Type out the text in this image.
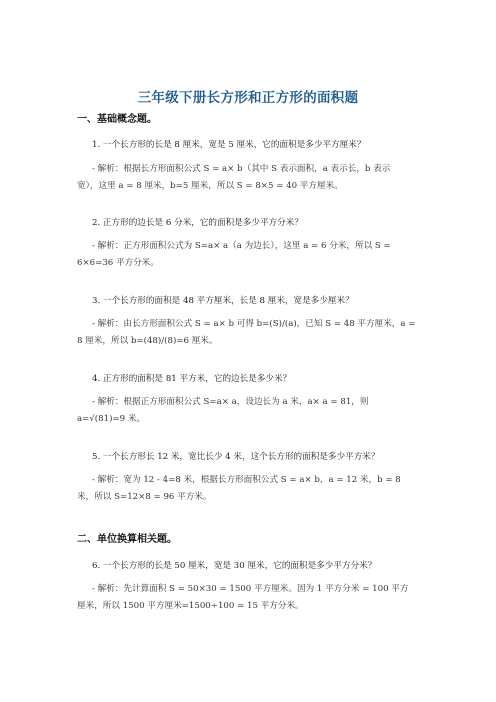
三年级下册长方形和正方形的面积题
一、基础概念题。
1. 一个长方形的长是 8 厘米，宽是 5 厘米，它的面积是多少平方厘米？
- 解析：根据长方形面积公式 S = a× b（其中 S 表示面积，a 表示长，b 表示
宽），这里 a = 8 厘米，b=5 厘米，所以 S = 8×5 = 40 平方厘米。
2. 正方形的边长是 6 分米，它的面积是多少平方分米？
- 解析：正方形面积公式为 S=a× a（a 为边长），这里 a = 6 分米，所以 S =
6×6=36 平方分米。
3. 一个长方形的面积是 48 平方厘米，长是 8 厘米，宽是多少厘米？
- 解析：由长方形面积公式 S = a× b 可得 b=(S)/(a)，已知 S = 48 平方厘米，a =
8 厘米，所以 b=(48)/(8)=6 厘米。
4. 正方形的面积是 81 平方米，它的边长是多少米？
- 解析：根据正方形面积公式 S=a× a，设边长为 a 米，a× a = 81，则
a=√(81)=9 米。
5. 一个长方形长 12 米，宽比长少 4 米，这个长方形的面积是多少平方米？
- 解析：宽为 12 - 4=8 米，根据长方形面积公式 S = a× b，a = 12 米，b = 8
米，所以 S=12×8 = 96 平方米。
二、单位换算相关题。
6. 一个长方形的长是 50 厘米，宽是 30 厘米，它的面积是多少平方分米？
- 解析：先计算面积 S = 50×30 = 1500 平方厘米。因为 1 平方分米 = 100 平方
厘米，所以 1500 平方厘米=1500÷100 = 15 平方分米。
